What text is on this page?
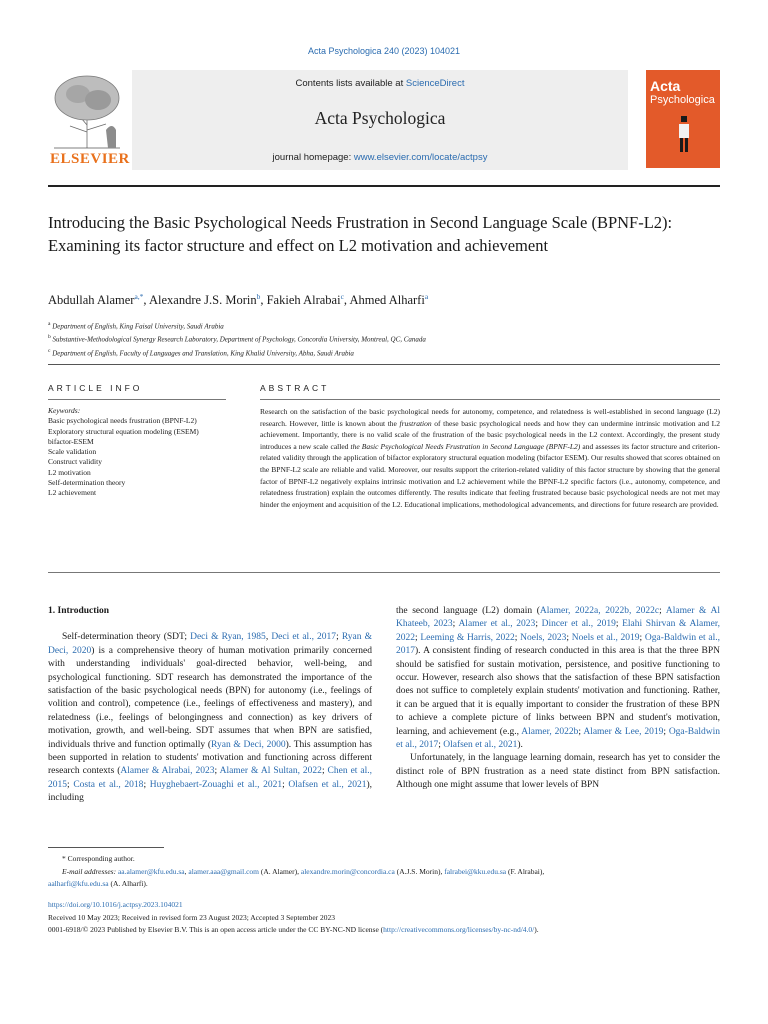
Acta Psychologica 240 (2023) 104021
ELSEVIER
Contents lists available at ScienceDirect
Acta Psychologica
journal homepage: www.elsevier.com/locate/actpsy
Acta
Psychologica
Introducing the Basic Psychological Needs Frustration in Second Language Scale (BPNF-L2): Examining its factor structure and effect on L2 motivation and achievement
Abdullah Alamer$^{a,*}$, Alexandre J.S. Morin$^b$, Fakieh Alrabai$^c$, Ahmed Alharfi$^a$
$^a$ Department of English, King Faisal University, Saudi Arabia
$^b$ Substantive-Methodological Synergy Research Laboratory, Department of Psychology, Concordia University, Montreal, QC, Canada
$^c$ Department of English, Faculty of Languages and Translation, King Khalid University, Abha, Saudi Arabia
ARTICLE INFO	ABSTRACT
Keywords:
Basic psychological needs frustration (BPNF-L2)
Exploratory structural equation modeling (ESEM)
bifactor-ESEM
Scale validation
Construct validity
L2 motivation
Self-determination theory
L2 achievement
Research on the satisfaction of the basic psychological needs for autonomy, competence, and relatedness is well-established in second language (L2) research. However, little is known about the frustration of these basic psychological needs and how they can undermine intrinsic motivation and L2 achievement. Importantly, there is no valid scale of the frustration of the basic psychological needs in the L2 context. Accordingly, the present study introduces a new scale called the Basic Psychological Needs Frustration in Second Language (BPNF-L2) and assesses its factor structure and criterion-related validity through the application of bifactor exploratory structural equation modeling (bifactor ESEM). Our results showed that scores obtained on the BPNF-L2 scale are reliable and valid. Moreover, our results support the criterion-related validity of this factor structure by showing that the general factor of BPNF-L2 negatively explains intrinsic motivation and L2 achievement while the BPNF-L2 specific factors (i.e., autonomy, competence, and relatedness frustration) explain the outcomes differently. The results indicate that feeling frustrated because basic psychological needs are not met may hinder the enjoyment and acquisition of the L2. Educational implications, methodological advancements, and directions for future research are provided.
1. Introduction

Self-determination theory (SDT; Deci & Ryan, 1985, Deci et al., 2017; Ryan & Deci, 2020) is a comprehensive theory of human motivation primarily concerned with understanding individuals' goal-directed behavior, well-being, and psychological functioning. SDT research has demonstrated the importance of the satisfaction of the basic psychological needs (BPN) for autonomy (i.e., feelings of volition and control), competence (i.e., feelings of effectiveness and mastery), and relatedness (i.e., feelings of belongingness and connection) as key drivers of motivation, growth, and well-being. SDT assumes that when BPN are satisfied, individuals thrive and function optimally (Ryan & Deci, 2000). This assumption has been supported in relation to students' motivation and functioning across different research contexts (Alamer & Alrabai, 2023; Alamer & Al Sultan, 2022; Chen et al., 2015; Costa et al., 2018; Huyghebaert-Zouaghi et al., 2021; Olafsen et al., 2021), including

the second language (L2) domain (Alamer, 2022a, 2022b, 2022c; Alamer & Al Khateeb, 2023; Alamer et al., 2023; Dincer et al., 2019; Elahi Shirvan & Alamer, 2022; Leeming & Harris, 2022; Noels, 2023; Noels et al., 2019; Oga-Baldwin et al., 2017). A consistent finding of research conducted in this area is that the three BPN should be satisfied for sustain motivation, persistence, and positive functioning to occur. However, research also shows that the satisfaction of these BPN satisfaction does not suffice to completely explain students' motivation and functioning. Rather, it can be argued that it is equally important to consider the frustration of these BPN to achieve a complete picture of links between BPN and student's motivation, learning, and achievement (e.g., Alamer, 2022b; Alamer & Lee, 2019; Oga-Baldwin et al., 2017; Olafsen et al., 2021).

Unfortunately, in the language learning domain, research has yet to consider the distinct role of BPN frustration as a need state distinct from BPN satisfaction. Although one might assume that lower levels of BPN

* Corresponding author.
E-mail addresses: aa.alamer@kfu.edu.sa, alamer.aaa@gmail.com (A. Alamer), alexandre.morin@concordia.ca (A.J.S. Morin), falrabei@kku.edu.sa (F. Alrabai),
aalharfi@kfu.edu.sa (A. Alharfi).
https://doi.org/10.1016/j.actpsy.2023.104021
Received 10 May 2023; Received in revised form 23 August 2023; Accepted 3 September 2023
0001-6918/© 2023 Published by Elsevier B.V. This is an open access article under the CC BY-NC-ND license (http://creativecommons.org/licenses/by-nc-nd/4.0/).
